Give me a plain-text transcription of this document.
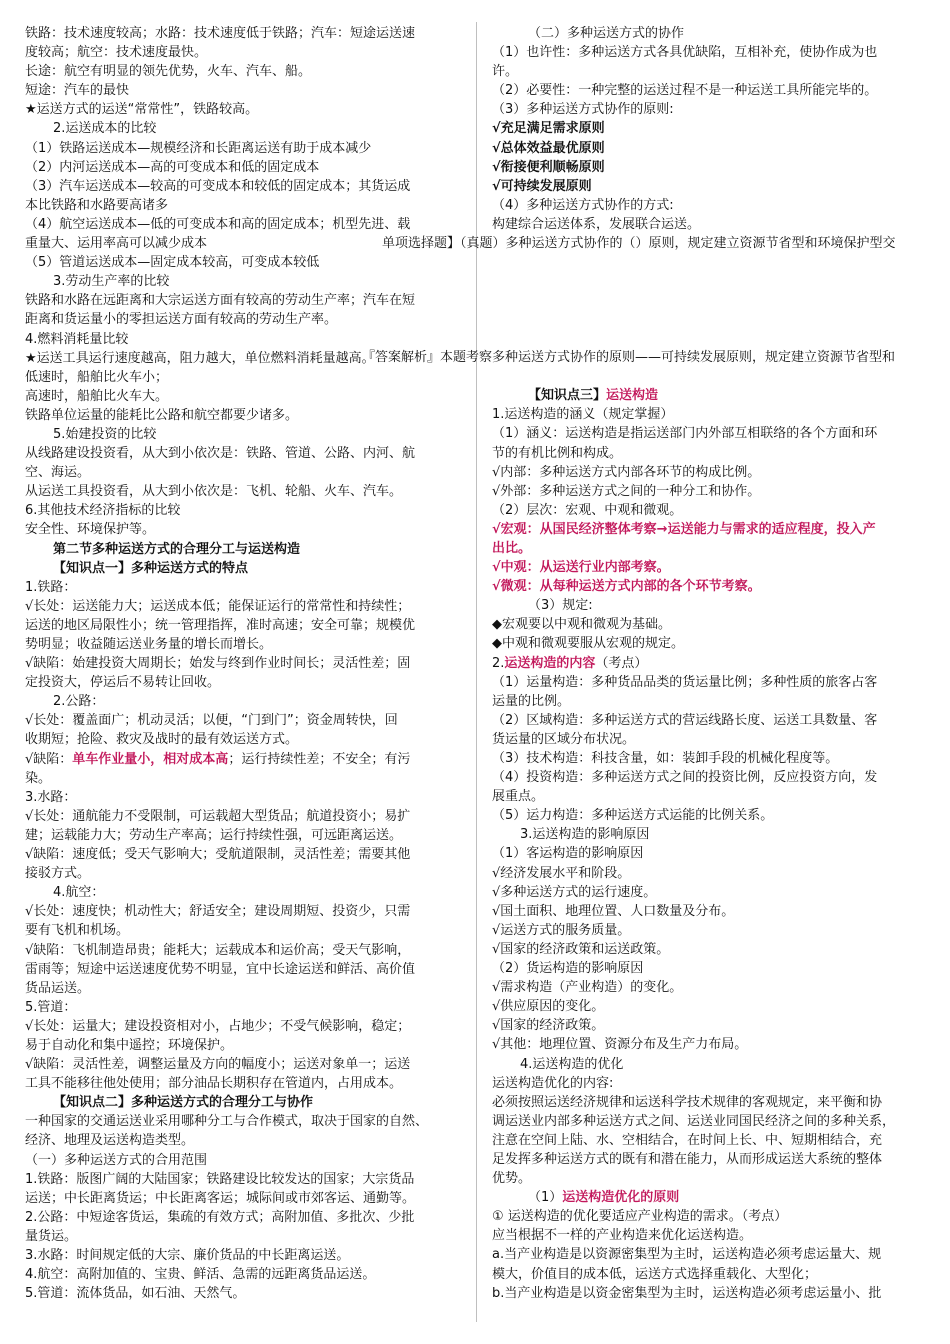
铁路：技术速度较高；水路：技术速度低于铁路；汽车：短途运送速
度较高；航空：技术速度最快。
长途：航空有明显的领先优势，火车、汽车、船。
短途：汽车的最快
★运送方式的运送“常常性”，铁路较高。
2.运送成本的比较
（1）铁路运送成本—规模经济和长距离运送有助于成本减少
（2）内河运送成本—高的可变成本和低的固定成本
（3）汽车运送成本—较高的可变成本和较低的固定成本；其货运成
本比铁路和水路要高诸多
（4）航空运送成本—低的可变成本和高的固定成本；机型先进、载
重量大、运用率高可以减少成本
（5）管道运送成本—固定成本较高，可变成本较低
3.劳动生产率的比较
铁路和水路在远距离和大宗运送方面有较高的劳动生产率；汽车在短
距离和货运量小的零担运送方面有较高的劳动生产率。
4.燃料消耗量比较
★运送工具运行速度越高，阻力越大，单位燃料消耗量越高。
低速时，船舶比火车小；
高速时，船舶比火车大。
铁路单位运量的能耗比公路和航空都要少诸多。
5.始建投资的比较
从线路建设投资看，从大到小依次是：铁路、管道、公路、内河、航
空、海运。
从运送工具投资看，从大到小依次是：飞机、轮船、火车、汽车。
6.其他技术经济指标的比较
安全性、环境保护等。
第二节多种运送方式的合理分工与运送构造
【知识点一】多种运送方式的特点
1.铁路：
√长处：运送能力大；运送成本低；能保证运行的常常性和持续性；
运送的地区局限性小；统一管理指挥，准时高速；安全可靠；规模优
势明显；收益随运送业务量的增长而增长。
√缺陷：始建投资大周期长；始发与终到作业时间长；灵活性差；固
定投资大，停运后不易转让回收。
2.公路：
√长处：覆盖面广；机动灵活；以便，“门到门”；资金周转快，回
收期短；抢险、救灾及战时的最有效运送方式。
√缺陷：单车作业量小，相对成本高；运行持续性差；不安全；有污
染。
3.水路：
√长处：通航能力不受限制，可运载超大型货品；航道投资小；易扩
建；运载能力大；劳动生产率高；运行持续性强，可远距离运送。
√缺陷：速度低；受天气影响大；受航道限制，灵活性差；需要其他
接驳方式。
4.航空：
√长处：速度快；机动性大；舒适安全；建设周期短、投资少，只需
要有飞机和机场。
√缺陷：飞机制造昂贵；能耗大；运载成本和运价高；受天气影响，
雷雨等；短途中运送速度优势不明显，宜中长途运送和鲜活、高价值
货品运送。
5.管道：
√长处：运量大；建设投资相对小，占地少；不受气候影响，稳定；
易于自动化和集中遥控；环境保护。
√缺陷：灵活性差，调整运量及方向的幅度小；运送对象单一；运送
工具不能移往他处使用；部分油品长期积存在管道内，占用成本。
【知识点二】多种运送方式的合理分工与协作
一种国家的交通运送业采用哪种分工与合作模式，取决于国家的自然、
经济、地理及运送构造类型。
（一）多种运送方式的合用范围
1.铁路：版图广阔的大陆国家；铁路建设比较发达的国家；大宗货品
运送；中长距离货运；中长距离客运；城际间或市郊客运、通勤等。
2.公路：中短途客货运，集疏的有效方式；高附加值、多批次、少批
量货运。
3.水路：时间规定低的大宗、廉价货品的中长距离运送。
4.航空：高附加值的、宝贵、鲜活、急需的远距离货品运送。
5.管道：流体货品，如石油、天然气。
（二）多种运送方式的协作
（1）也许性：多种运送方式各具优缺陷，互相补充，使协作成为也
许。
（2）必要性：一种完整的运送过程不是一种运送工具所能完毕的。
（3）多种运送方式协作的原则:
√充足满足需求原则
√总体效益最优原则
√衔接便利顺畅原则
√可持续发展原则
（4）多种运送方式协作的方式:
构建综合运送体系，发展联合运送。
单项选择题】（真题）多种运送方式协作的（）原则，规定建立资源节省型和环境保护型交
『答案解析』本题考察多种运送方式协作的原则——可持续发展原则，规定建立资源节省型和
【知识点三】运送构造
1.运送构造的涵义（规定掌握）
（1）涵义：运送构造是指运送部门内外部互相联络的各个方面和环
节的有机比例和构成。
√内部：多种运送方式内部各环节的构成比例。
√外部：多种运送方式之间的一种分工和协作。
（2）层次：宏观、中观和微观。
√宏观：从国民经济整体考察→运送能力与需求的适应程度，投入产
出比。
√中观：从运送行业内部考察。
√微观：从每种运送方式内部的各个环节考察。
（3）规定:
◆宏观要以中观和微观为基础。
◆中观和微观要服从宏观的规定。
2.运送构造的内容（考点）
（1）运量构造：多种货品品类的货运量比例；多种性质的旅客占客
运量的比例。
（2）区域构造：多种运送方式的营运线路长度、运送工具数量、客
货运量的区域分布状况。
（3）技术构造：科技含量，如：装卸手段的机械化程度等。
（4）投资构造：多种运送方式之间的投资比例，反应投资方向，发
展重点。
（5）运力构造：多种运送方式运能的比例关系。
3.运送构造的影响原因
（1）客运构造的影响原因
√经济发展水平和阶段。
√多种运送方式的运行速度。
√国土面积、地理位置、人口数量及分布。
√运送方式的服务质量。
√国家的经济政策和运送政策。
（2）货运构造的影响原因
√需求构造（产业构造）的变化。
√供应原因的变化。
√国家的经济政策。
√其他：地理位置、资源分布及生产力布局。
4.运送构造的优化
运送构造优化的内容:
必须按照运送经济规律和运送科学技术规律的客观规定，来平衡和协
调运送业内部多种运送方式之间、运送业同国民经济之间的多种关系，
注意在空间上陆、水、空相结合，在时间上长、中、短期相结合，充
足发挥多种运送方式的既有和潜在能力，从而形成运送大系统的整体
优势。
（1）运送构造优化的原则
① 运送构造的优化要适应产业构造的需求。（考点）
应当根据不一样的产业构造来优化运送构造。
a.当产业构造是以资源密集型为主时，运送构造必须考虑运量大、规
模大，价值目的成本低，运送方式选择重载化、大型化；
b.当产业构造是以资金密集型为主时，运送构造必须考虑运量小、批
